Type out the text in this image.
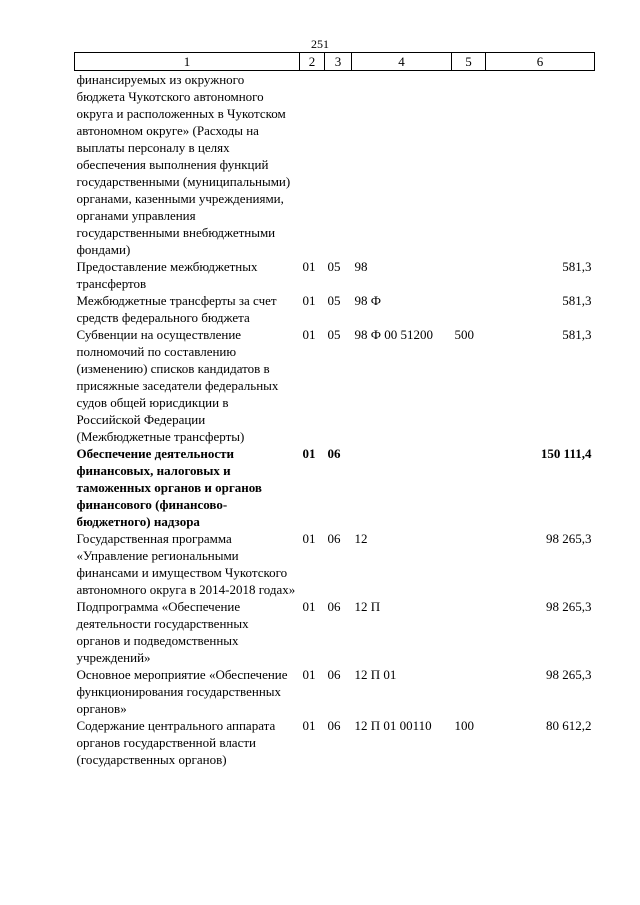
251
1	2	3	4	5	6
финансируемых из окружного бюджета Чукотского автономного округа и расположенных в Чукотском автономном округе» (Расходы на выплаты персоналу в целях обеспечения выполнения функций государственными (муниципальными) органами, казенными учреждениями, органами управления государственными внебюджетными фондами)					
Предоставление межбюджетных трансфертов	01	05	98		581,3
Межбюджетные трансферты за счет средств федерального бюджета	01	05	98 Ф		581,3
Субвенции на осуществление полномочий по составлению (изменению) списков кандидатов в присяжные заседатели федеральных судов общей юрисдикции в Российской Федерации (Межбюджетные трансферты)	01	05	98 Ф 00 51200	500	581,3
Обеспечение деятельности финансовых, налоговых и таможенных органов и органов финансового (финансово-бюджетного) надзора	01	06			150 111,4
Государственная программа «Управление региональными финансами и имуществом Чукотского автономного округа в 2014-2018 годах»	01	06	12		98 265,3
Подпрограмма «Обеспечение деятельности государственных органов и подведомственных учреждений»	01	06	12 П		98 265,3
Основное мероприятие «Обеспечение функционирования государственных органов»	01	06	12 П 01		98 265,3
Содержание центрального аппарата органов государственной власти (государственных органов)	01	06	12 П 01 00110	100	80 612,2
